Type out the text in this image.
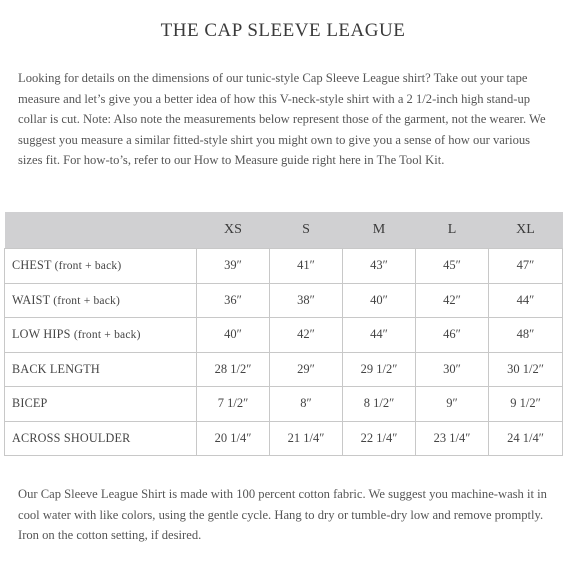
THE CAP SLEEVE LEAGUE

Looking for details on the dimensions of our tunic-style Cap Sleeve League shirt? Take out your tape measure and let’s give you a better idea of how this V-neck-style shirt with a 2 1/2-inch high stand-up collar is cut. Note: Also note the measurements below represent those of the garment, not the wearer. We suggest you measure a similar fitted-style shirt you might own to give you a sense of how our various sizes fit. For how-to’s, refer to our How to Measure guide right here in The Tool Kit.

	XS	S	M	L	XL
CHEST (front + back)	39″	41″	43″	45″	47″
WAIST (front + back)	36″	38″	40″	42″	44″
LOW HIPS (front + back)	40″	42″	44″	46″	48″
BACK LENGTH	28 1/2″	29″	29 1/2″	30″	30 1/2″
BICEP	7 1/2″	8″	8 1/2″	9″	9 1/2″
ACROSS SHOULDER	20 1/4″	21 1/4″	22 1/4″	23 1/4″	24 1/4″

Our Cap Sleeve League Shirt is made with 100 percent cotton fabric. We suggest you machine-wash it in cool water with like colors, using the gentle cycle. Hang to dry or tumble-dry low and remove promptly. Iron on the cotton setting, if desired.
